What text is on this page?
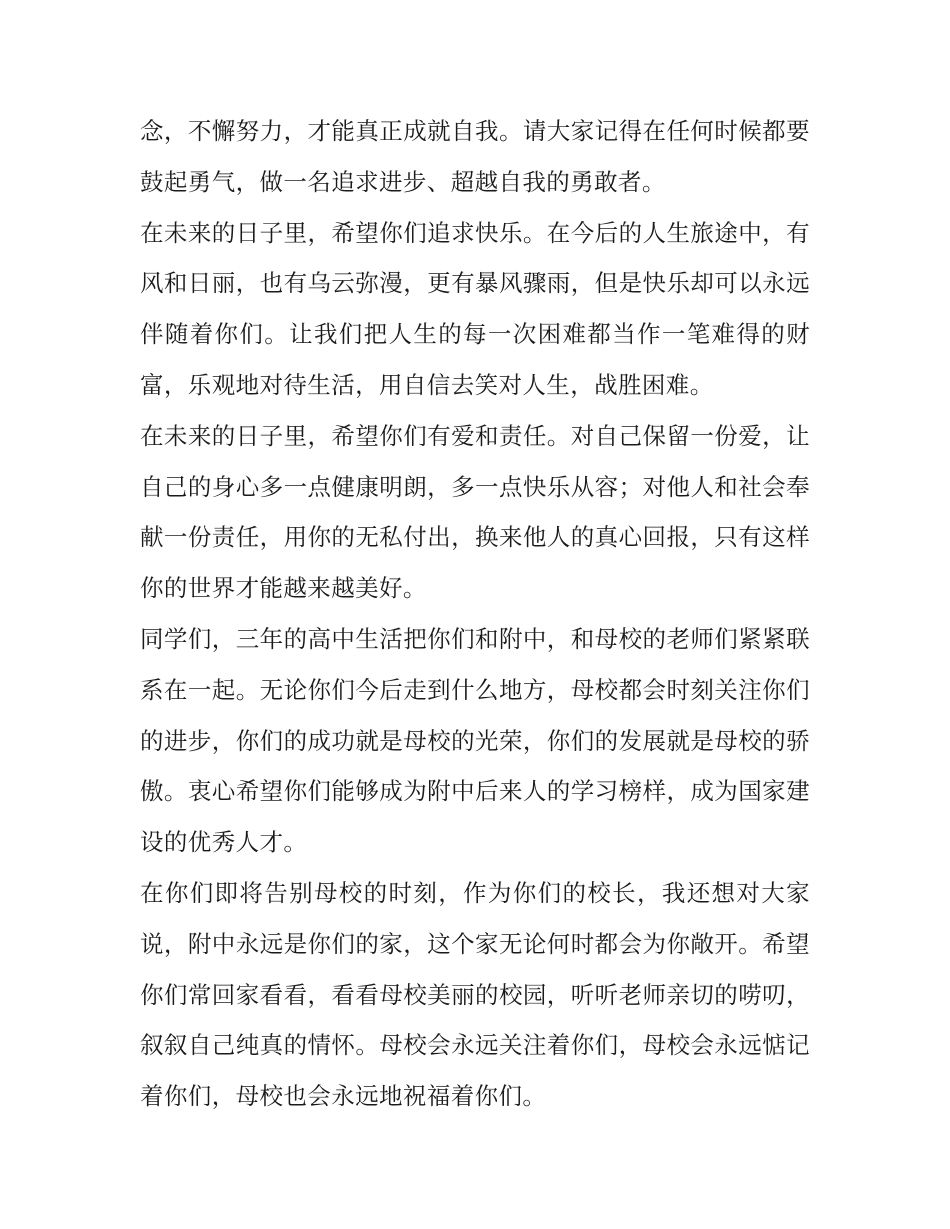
念，不懈努力，才能真正成就自我。请大家记得在任何时候都要鼓起勇气，做一名追求进步、超越自我的勇敢者。

在未来的日子里，希望你们追求快乐。在今后的人生旅途中，有风和日丽，也有乌云弥漫，更有暴风骤雨，但是快乐却可以永远伴随着你们。让我们把人生的每一次困难都当作一笔难得的财富，乐观地对待生活，用自信去笑对人生，战胜困难。

在未来的日子里，希望你们有爱和责任。对自己保留一份爱，让自己的身心多一点健康明朗，多一点快乐从容；对他人和社会奉献一份责任，用你的无私付出，换来他人的真心回报，只有这样你的世界才能越来越美好。

同学们，三年的高中生活把你们和附中，和母校的老师们紧紧联系在一起。无论你们今后走到什么地方，母校都会时刻关注你们的进步，你们的成功就是母校的光荣，你们的发展就是母校的骄傲。衷心希望你们能够成为附中后来人的学习榜样，成为国家建设的优秀人才。

在你们即将告别母校的时刻，作为你们的校长，我还想对大家说，附中永远是你们的家，这个家无论何时都会为你敞开。希望你们常回家看看，看看母校美丽的校园，听听老师亲切的唠叨，叙叙自己纯真的情怀。母校会永远关注着你们，母校会永远惦记着你们，母校也会永远地祝福着你们。
